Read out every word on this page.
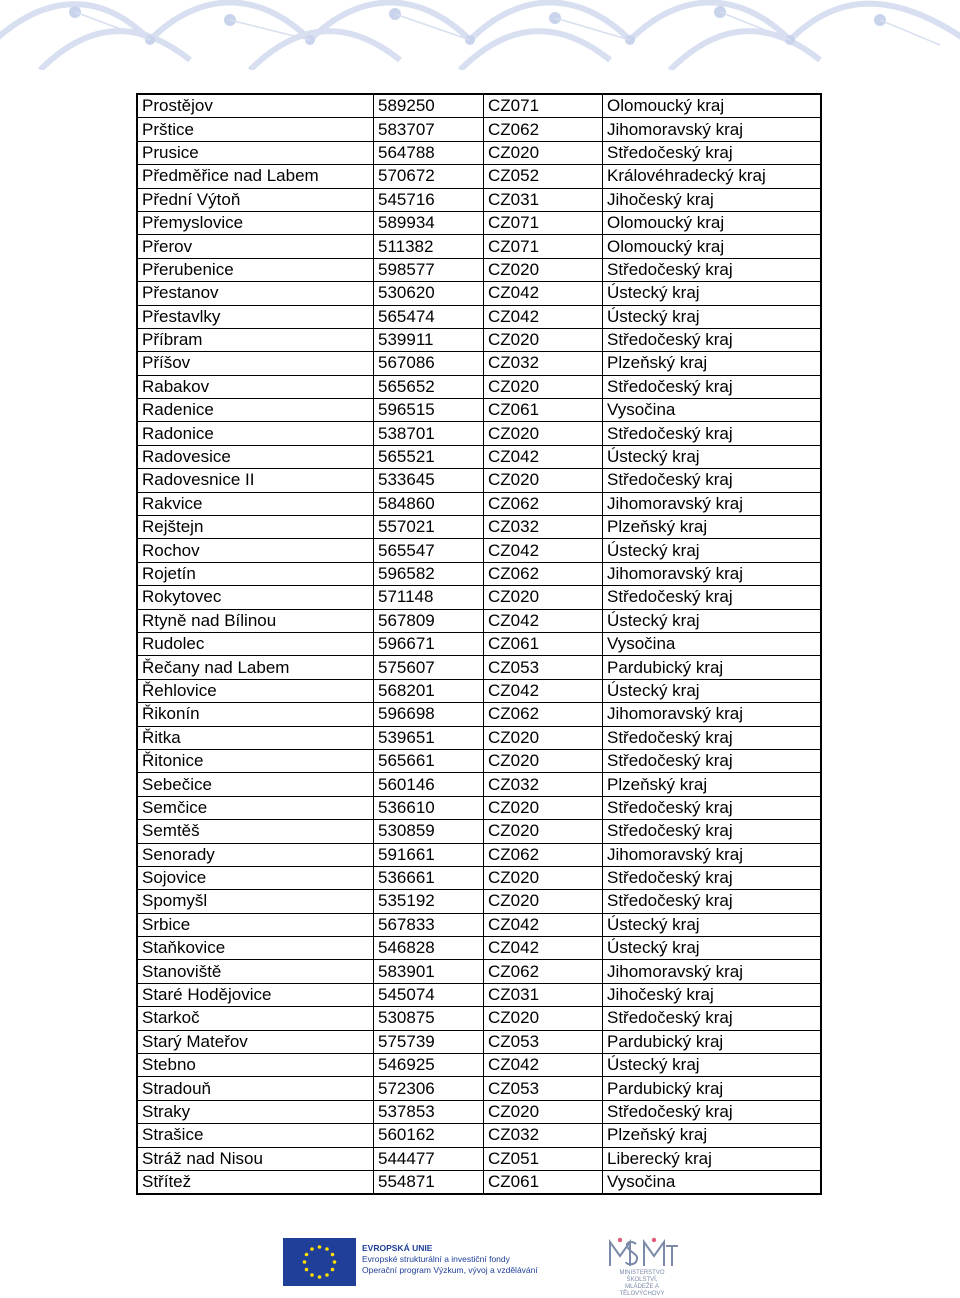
Prostějov	589250	CZ071	Olomoucký kraj
Prštice	583707	CZ062	Jihomoravský kraj
Prusice	564788	CZ020	Středočeský kraj
Předměřice nad Labem	570672	CZ052	Královéhradecký kraj
Přední Výtoň	545716	CZ031	Jihočeský kraj
Přemyslovice	589934	CZ071	Olomoucký kraj
Přerov	511382	CZ071	Olomoucký kraj
Přerubenice	598577	CZ020	Středočeský kraj
Přestanov	530620	CZ042	Ústecký kraj
Přestavlky	565474	CZ042	Ústecký kraj
Příbram	539911	CZ020	Středočeský kraj
Příšov	567086	CZ032	Plzeňský kraj
Rabakov	565652	CZ020	Středočeský kraj
Radenice	596515	CZ061	Vysočina
Radonice	538701	CZ020	Středočeský kraj
Radovesice	565521	CZ042	Ústecký kraj
Radovesnice II	533645	CZ020	Středočeský kraj
Rakvice	584860	CZ062	Jihomoravský kraj
Rejštejn	557021	CZ032	Plzeňský kraj
Rochov	565547	CZ042	Ústecký kraj
Rojetín	596582	CZ062	Jihomoravský kraj
Rokytovec	571148	CZ020	Středočeský kraj
Rtyně nad Bílinou	567809	CZ042	Ústecký kraj
Rudolec	596671	CZ061	Vysočina
Řečany nad Labem	575607	CZ053	Pardubický kraj
Řehlovice	568201	CZ042	Ústecký kraj
Řikonín	596698	CZ062	Jihomoravský kraj
Řitka	539651	CZ020	Středočeský kraj
Řitonice	565661	CZ020	Středočeský kraj
Sebečice	560146	CZ032	Plzeňský kraj
Semčice	536610	CZ020	Středočeský kraj
Semtěš	530859	CZ020	Středočeský kraj
Senorady	591661	CZ062	Jihomoravský kraj
Sojovice	536661	CZ020	Středočeský kraj
Spomyšl	535192	CZ020	Středočeský kraj
Srbice	567833	CZ042	Ústecký kraj
Staňkovice	546828	CZ042	Ústecký kraj
Stanoviště	583901	CZ062	Jihomoravský kraj
Staré Hodějovice	545074	CZ031	Jihočeský kraj
Starkoč	530875	CZ020	Středočeský kraj
Starý Mateřov	575739	CZ053	Pardubický kraj
Stebno	546925	CZ042	Ústecký kraj
Stradouň	572306	CZ053	Pardubický kraj
Straky	537853	CZ020	Středočeský kraj
Strašice	560162	CZ032	Plzeňský kraj
Stráž nad Nisou	544477	CZ051	Liberecký kraj
Střítež	554871	CZ061	Vysočina
EVROPSKÁ UNIE
Evropské strukturální a investiční fondy
Operační program Výzkum, vývoj a vzdělávání	MINISTERSTVO ŠKOLSTVÍ,
MLÁDEŽE A TĚLOVÝCHOVY
